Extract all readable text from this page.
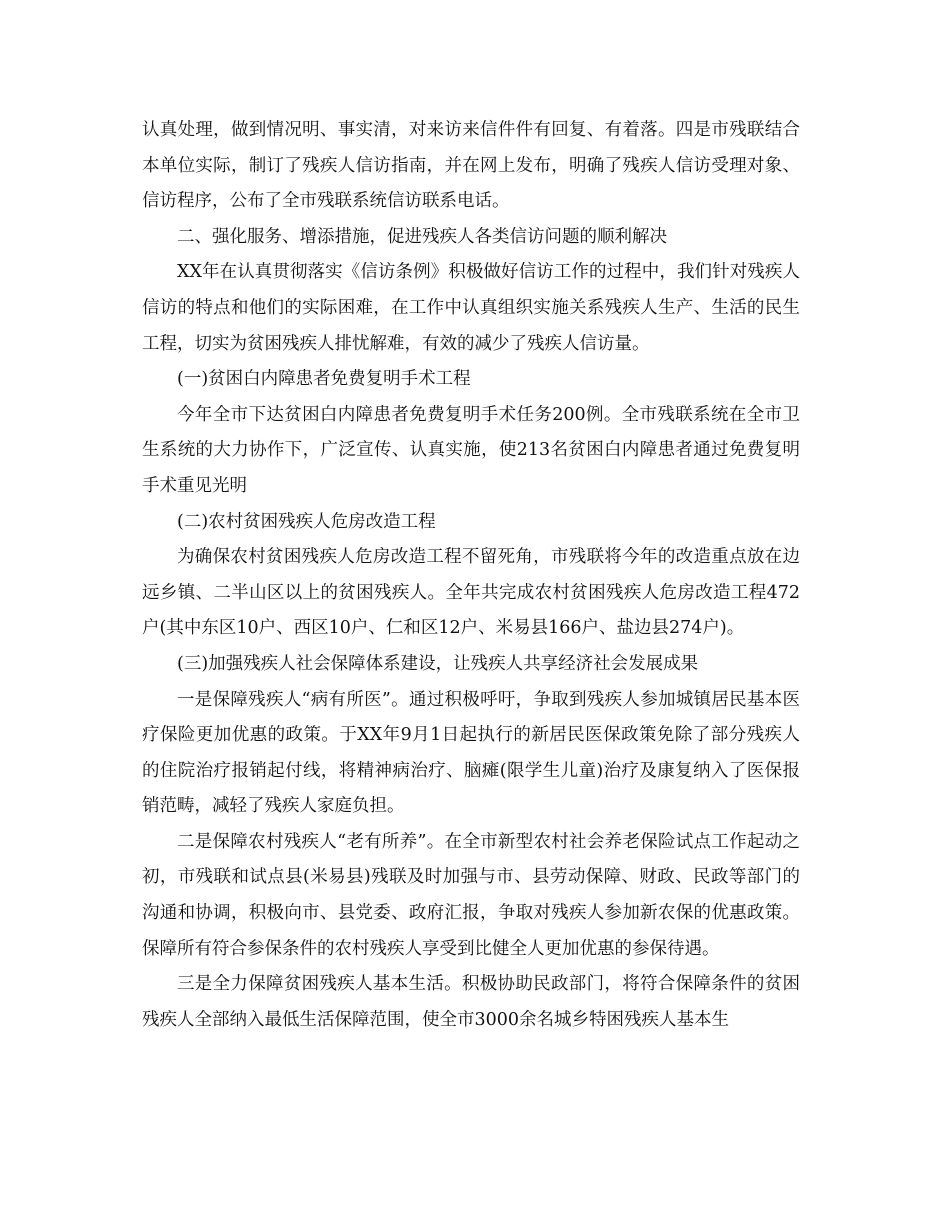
认真处理，做到情况明、事实清，对来访来信件件有回复、有着落。四是市残联结合本单位实际，制订了残疾人信访指南，并在网上发布，明确了残疾人信访受理对象、信访程序，公布了全市残联系统信访联系电话。

二、强化服务、增添措施，促进残疾人各类信访问题的顺利解决

XX年在认真贯彻落实《信访条例》积极做好信访工作的过程中，我们针对残疾人信访的特点和他们的实际困难，在工作中认真组织实施关系残疾人生产、生活的民生工程，切实为贫困残疾人排忧解难，有效的减少了残疾人信访量。

(一)贫困白内障患者免费复明手术工程

今年全市下达贫困白内障患者免费复明手术任务200例。全市残联系统在全市卫生系统的大力协作下，广泛宣传、认真实施，使213名贫困白内障患者通过免费复明手术重见光明

(二)农村贫困残疾人危房改造工程

为确保农村贫困残疾人危房改造工程不留死角，市残联将今年的改造重点放在边远乡镇、二半山区以上的贫困残疾人。全年共完成农村贫困残疾人危房改造工程472户(其中东区10户、西区10户、仁和区12户、米易县166户、盐边县274户)。

(三)加强残疾人社会保障体系建设，让残疾人共享经济社会发展成果

一是保障残疾人“病有所医”。通过积极呼吁，争取到残疾人参加城镇居民基本医疗保险更加优惠的政策。于XX年9月1日起执行的新居民医保政策免除了部分残疾人的住院治疗报销起付线，将精神病治疗、脑瘫(限学生儿童)治疗及康复纳入了医保报销范畴，减轻了残疾人家庭负担。

二是保障农村残疾人“老有所养”。在全市新型农村社会养老保险试点工作起动之初，市残联和试点县(米易县)残联及时加强与市、县劳动保障、财政、民政等部门的沟通和协调，积极向市、县党委、政府汇报，争取对残疾人参加新农保的优惠政策。保障所有符合参保条件的农村残疾人享受到比健全人更加优惠的参保待遇。

三是全力保障贫困残疾人基本生活。积极协助民政部门，将符合保障条件的贫困残疾人全部纳入最低生活保障范围，使全市3000余名城乡特困残疾人基本生
